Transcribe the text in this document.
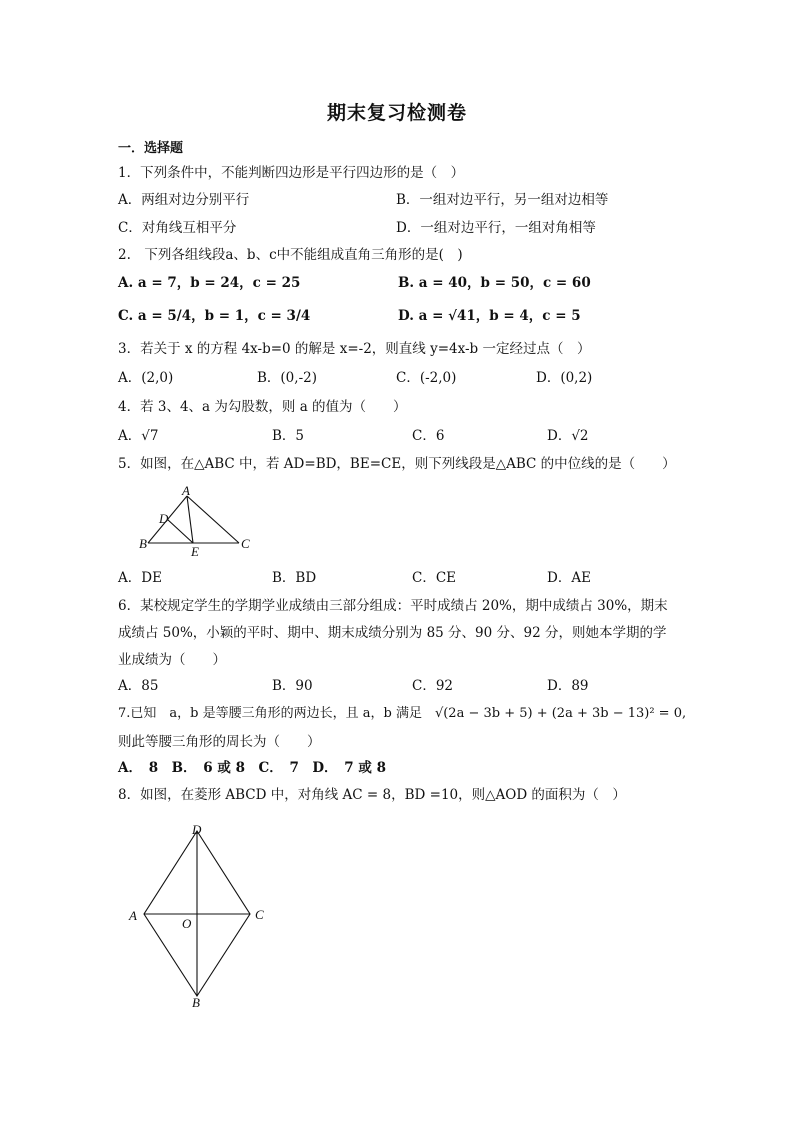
期末复习检测卷
一．选择题
1．下列条件中，不能判断四边形是平行四边形的是（　）
A．两组对边分别平行	B．一组对边平行，另一组对边相等
C．对角线互相平分	D．一组对边平行，一组对角相等
2.　下列各组线段a、b、c中不能组成直角三角形的是(　)
A. a = 7，b = 24，c = 25	B. a = 40，b = 50，c = 60
C. a = 5/4，b = 1，c = 3/4	D. a = √41，b = 4，c = 5
3．若关于 x 的方程 4x-b=0 的解是 x=-2，则直线 y=4x-b 一定经过点（　）
A．(2,0)	B．(0,-2)	C．(-2,0)	D．(0,2)
4．若 3、4、a 为勾股数，则 a 的值为（　　）
A．√7	B．5	C．6	D．√2
5．如图，在△ABC 中，若 AD=BD，BE=CE，则下列线段是△ABC 的中位线的是（　　）
A
D
B
E
C
A．DE	B．BD	C．CE	D．AE
6．某校规定学生的学期学业成绩由三部分组成：平时成绩占 20%，期中成绩占 30%，期末
成绩占 50%，小颖的平时、期中、期末成绩分别为 85 分、90 分、92 分，则她本学期的学
业成绩为（　　）
A．85	B．90	C．92	D．89
7.已知　a，b 是等腰三角形的两边长，且 a，b 满足　√(2a − 3b + 5) + (2a + 3b − 13)² = 0,
则此等腰三角形的周长为（　　）
A．　8　B．　6 或 8　C．　7　D．　7 或 8
8．如图，在菱形 ABCD 中，对角线 AC = 8，BD =10，则△AOD 的面积为（　）
D
A
O
C
B
